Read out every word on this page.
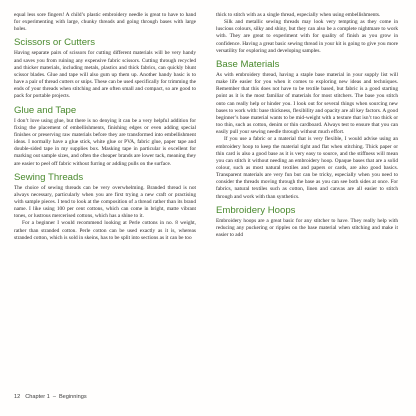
equal less sore fingers! A child’s plastic embroidery needle is great to have to hand for experimenting with large, chunky threads and going through bases with large holes.

Scissors or Cutters

Having separate pairs of scissors for cutting different materials will be very handy and saves you from ruining any expensive fabric scissors. Cutting through recycled and thicker materials, including metals, plastics and thick fabrics, can quickly blunt scissor blades. Glue and tape will also gum up them up. Another handy basic is to have a pair of thread cutters or snips. These can be used specifically for trimming the ends of your threads when stitching and are often small and compact, so are good to pack for portable projects.

Glue and Tape

I don’t love using glue, but there is no denying it can be a very helpful addition for fixing the placement of embellishments, finishing edges or even adding special finishes or preserving raw materials before they are transformed into embellishment ideas. I normally have a glue stick, white glue or PVA, fabric glue, paper tape and double-sided tape in my supplies box. Masking tape in particular is excellent for marking out sample sizes, and often the cheaper brands are lower tack, meaning they are easier to peel off fabric without furring or adding pulls on the surface.

Sewing Threads

The choice of sewing threads can be very overwhelming. Branded thread is not always necessary, particularly when you are first trying a new craft or practising with sample pieces. I tend to look at the composition of a thread rather than its brand name. I like using 100 per cent cottons, which can come in bright, matte vibrant tones, or lustrous mercerised cottons, which has a shine to it.

For a beginner I would recommend looking at Perle cottons in no. 8 weight, rather than stranded cotton. Perle cotton can be used exactly as it is, whereas stranded cotton, which is sold in skeins, has to be split into sections as it can be too

thick to stitch with as a single thread, especially when using embellishments.

Silk and metallic sewing threads may look very tempting as they come in luscious colours, silky and shiny, but they can also be a complete nightmare to work with. They are great to experiment with for quality of finish as you grow in confidence. Having a great basic sewing thread in your kit is going to give you more versatility for exploring and developing samples.

Base Materials

As with embroidery thread, having a staple base material in your supply list will make life easier for you when it comes to exploring new ideas and techniques. Remember that this does not have to be textile based, but fabric is a good starting point as it is the most familiar of materials for most stitchers. The base you stitch onto can really help or hinder you. I look out for several things when sourcing new bases to work with: base thickness, flexibility and opacity are all key factors. A good beginner’s base material wants to be mid-weight with a texture that isn’t too thick or too thin, such as cotton, denim or thin cardboard. Always test to ensure that you can easily pull your sewing needle through without much effort.

If you use a fabric or a material that is very flexible, I would advise using an embroidery hoop to keep the material tight and flat when stitching. Thick paper or thin card is also a good base as it is very easy to source, and the stiffness will mean you can stitch it without needing an embroidery hoop. Opaque bases that are a solid colour, such as most natural textiles and papers or cards, are also good basics. Transparent materials are very fun but can be tricky, especially when you need to consider the threads moving through the base as you can see both sides at once. For fabrics, natural textiles such as cotton, linen and canvas are all easier to stitch through and work with than synthetics.

Embroidery Hoops

Embroidery hoops are a great basic for any stitcher to have. They really help with reducing any puckering or ripples on the base material when stitching and make it easier to add

12 Chapter 1 – Beginnings
